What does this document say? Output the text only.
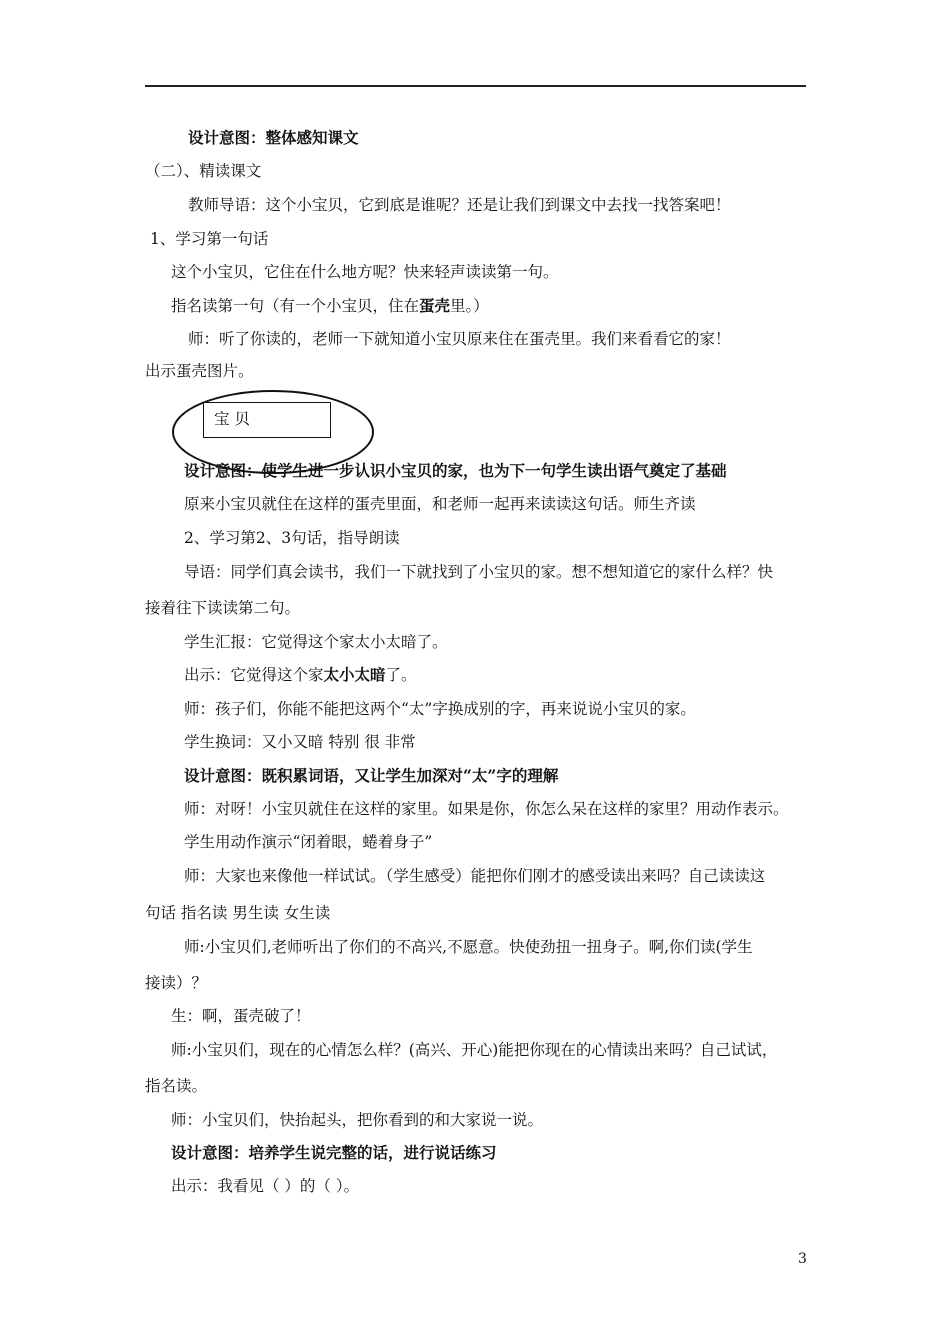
设计意图：整体感知课文
（二）、精读课文
教师导语：这个小宝贝，它到底是谁呢？还是让我们到课文中去找一找答案吧！
1、学习第一句话
这个小宝贝，它住在什么地方呢？快来轻声读读第一句。
指名读第一句（有一个小宝贝，住在蛋壳里。）
师：听了你读的，老师一下就知道小宝贝原来住在蛋壳里。我们来看看它的家！
出示蛋壳图片。
宝 贝
设计意图：使学生进一步认识小宝贝的家，也为下一句学生读出语气奠定了基础
原来小宝贝就住在这样的蛋壳里面，和老师一起再来读读这句话。师生齐读
2、学习第2、3句话，指导朗读
导语：同学们真会读书，我们一下就找到了小宝贝的家。想不想知道它的家什么样？快
接着往下读读第二句。
学生汇报：它觉得这个家太小太暗了。
出示：它觉得这个家太小太暗了。
师：孩子们，你能不能把这两个“太”字换成别的字，再来说说小宝贝的家。
学生换词：又小又暗 特别 很 非常
设计意图：既积累词语，又让学生加深对“太”字的理解
师：对呀！小宝贝就住在这样的家里。如果是你，你怎么呆在这样的家里？用动作表示。
学生用动作演示“闭着眼，蜷着身子”
师：大家也来像他一样试试。（学生感受）能把你们刚才的感受读出来吗？自己读读这
句话 指名读 男生读 女生读
师:小宝贝们,老师听出了你们的不高兴,不愿意。快使劲扭一扭身子。啊,你们读(学生
接读）？
生：啊，蛋壳破了！
师:小宝贝们，现在的心情怎么样？(高兴、开心)能把你现在的心情读出来吗？自己试试，
指名读。
师：小宝贝们，快抬起头，把你看到的和大家说一说。
设计意图：培养学生说完整的话，进行说话练习
出示：我看见（ ）的（ ）。
3
